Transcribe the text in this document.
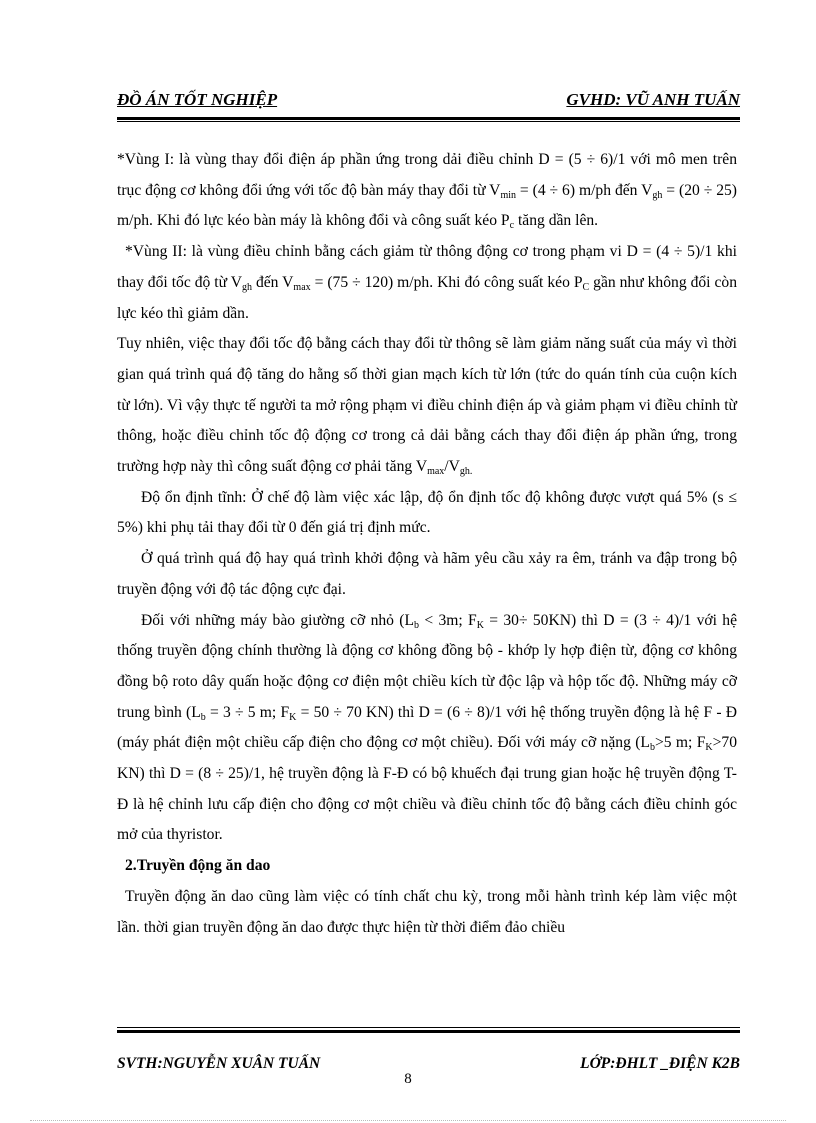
ĐỒ ÁN TỐT NGHIỆP	GVHD: VŨ ANH TUẤN

*Vùng I: là vùng thay đổi điện áp phần ứng trong dải điều chỉnh D = (5 ÷ 6)/1 với mô men trên trục động cơ không đổi ứng với tốc độ bàn máy thay đổi từ $V_{min} = (4 \div 6)$ m/ph đến $V_{gh} = (20 \div 25)$ m/ph. Khi đó lực kéo bàn máy là không đổi và công suất kéo $P_c$ tăng dần lên.

*Vùng II: là vùng điều chỉnh bằng cách giảm từ thông động cơ trong phạm vi D = (4 ÷ 5)/1 khi thay đổi tốc độ từ $V_{gh}$ đến $V_{max} = (75 \div 120)$ m/ph. Khi đó công suất kéo $P_C$ gần như không đổi còn lực kéo thì giảm dần.

Tuy nhiên, việc thay đổi tốc độ bằng cách thay đổi từ thông sẽ làm giảm năng suất của máy vì thời gian quá trình quá độ tăng do hằng số thời gian mạch kích từ lớn (tức do quán tính của cuộn kích từ lớn). Vì vậy thực tế người ta mở rộng phạm vi điều chỉnh điện áp và giảm phạm vi điều chỉnh từ thông, hoặc điều chỉnh tốc độ động cơ trong cả dải bằng cách thay đổi điện áp phần ứng, trong trường hợp này thì công suất động cơ phải tăng $V_{max}/V_{gh.}$

Độ ổn định tĩnh: Ở chế độ làm việc xác lập, độ ổn định tốc độ không được vượt quá 5% (s ≤ 5%) khi phụ tải thay đổi từ 0 đến giá trị định mức.

Ở quá trình quá độ hay quá trình khởi động và hãm yêu cầu xảy ra êm, tránh va đập trong bộ truyền động với độ tác động cực đại.

Đối với những máy bào giường cỡ nhỏ ($L_b < 3m$; $F_K = 30\div 50KN$) thì D = (3 ÷ 4)/1 với hệ thống truyền động chính thường là động cơ không đồng bộ - khớp ly hợp điện từ, động cơ không đồng bộ roto dây quấn hoặc động cơ điện một chiều kích từ độc lập và hộp tốc độ. Những máy cỡ trung bình ($L_b = 3 \div 5$ m; $F_K = 50 \div 70$ KN) thì D = (6 ÷ 8)/1 với hệ thống truyền động là hệ F - Đ (máy phát điện một chiều cấp điện cho động cơ một chiều). Đối với máy cỡ nặng ($L_b>5$ m; $F_K>70$ KN) thì D = (8 ÷ 25)/1, hệ truyền động là F-Đ có bộ khuếch đại trung gian hoặc hệ truyền động T-Đ là hệ chỉnh lưu cấp điện cho động cơ một chiều và điều chỉnh tốc độ bằng cách điều chỉnh góc mở của thyristor.

2.Truyền động ăn dao

Truyền động ăn dao cũng làm việc có tính chất chu kỳ, trong mỗi hành trình kép làm việc một lần. thời gian truyền động ăn dao được thực hiện từ thời điểm đảo chiều

SVTH:NGUYỄN XUÂN TUẤN	LỚP:ĐHLT _ĐIỆN K2B
8
